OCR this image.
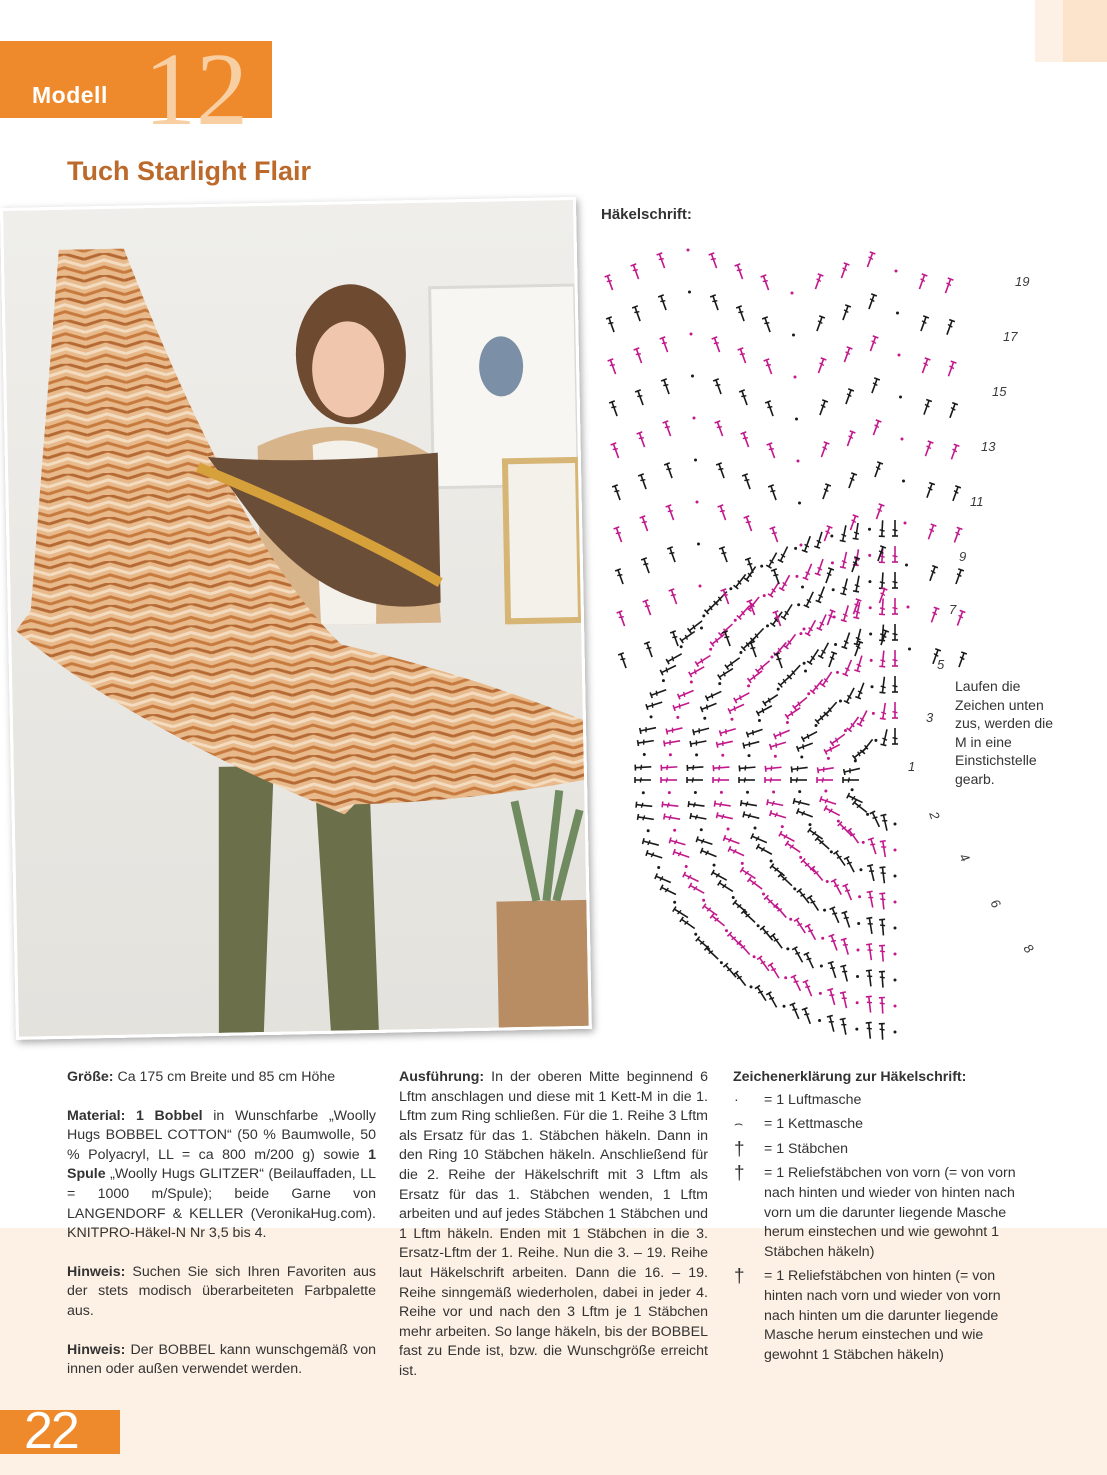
12
Modell
Tuch Starlight Flair
Häkelschrift:
19
17
15
13
11
9
7
5
3
1
2
4
6
8
Laufen die Zeichen unten zus, werden die M in eine Einstichstelle gearb.

Größe: Ca 175 cm Breite und 85 cm Höhe

Material: 1 Bobbel in Wunschfarbe „Woolly Hugs BOBBEL COTTON“ (50 % Baumwolle, 50 % Polyacryl, LL = ca 800 m/200 g) sowie 1 Spule „Woolly Hugs GLITZER“ (Beilauffaden, LL = 1000 m/Spule); beide Garne von LANGENDORF & KELLER (VeronikaHug.com). KNITPRO-Häkel-N Nr 3,5 bis 4.

Hinweis: Suchen Sie sich Ihren Favoriten aus der stets modisch überarbeiteten Farbpalette aus.

Hinweis: Der BOBBEL kann wunschgemäß von innen oder außen verwendet werden.

Ausführung: In der oberen Mitte beginnend 6 Lftm anschlagen und diese mit 1 Kett-M in die 1. Lftm zum Ring schließen. Für die 1. Reihe 3 Lftm als Ersatz für das 1. Stäbchen häkeln. Dann in den Ring 10 Stäbchen häkeln. Anschließend für die 2. Reihe der Häkelschrift mit 3 Lftm als Ersatz für das 1. Stäbchen wenden, 1 Lftm arbeiten und auf jedes Stäbchen 1 Stäbchen und 1 Lftm häkeln. Enden mit 1 Stäbchen in die 3. Ersatz-Lftm der 1. Reihe. Nun die 3. – 19. Reihe laut Häkelschrift arbeiten. Dann die 16. – 19. Reihe sinngemäß wiederholen, dabei in jeder 4. Reihe vor und nach den 3 Lftm je 1 Stäbchen mehr arbeiten. So lange häkeln, bis der BOBBEL fast zu Ende ist, bzw. die Wunschgröße erreicht ist.

Zeichenerklärung zur Häkelschrift:
·	= 1 Luftmasche
⌢	= 1 Kettmasche
†	= 1 Stäbchen
†	= 1 Reliefstäbchen von vorn (= von vorn nach hinten und wieder von hinten nach vorn um die darunter liegende Masche herum einstechen und wie gewohnt 1 Stäbchen häkeln)
†	= 1 Reliefstäbchen von hinten (= von hinten nach vorn und wieder von vorn nach hinten um die darunter liegende Masche herum einstechen und wie gewohnt 1 Stäbchen häkeln)
22
